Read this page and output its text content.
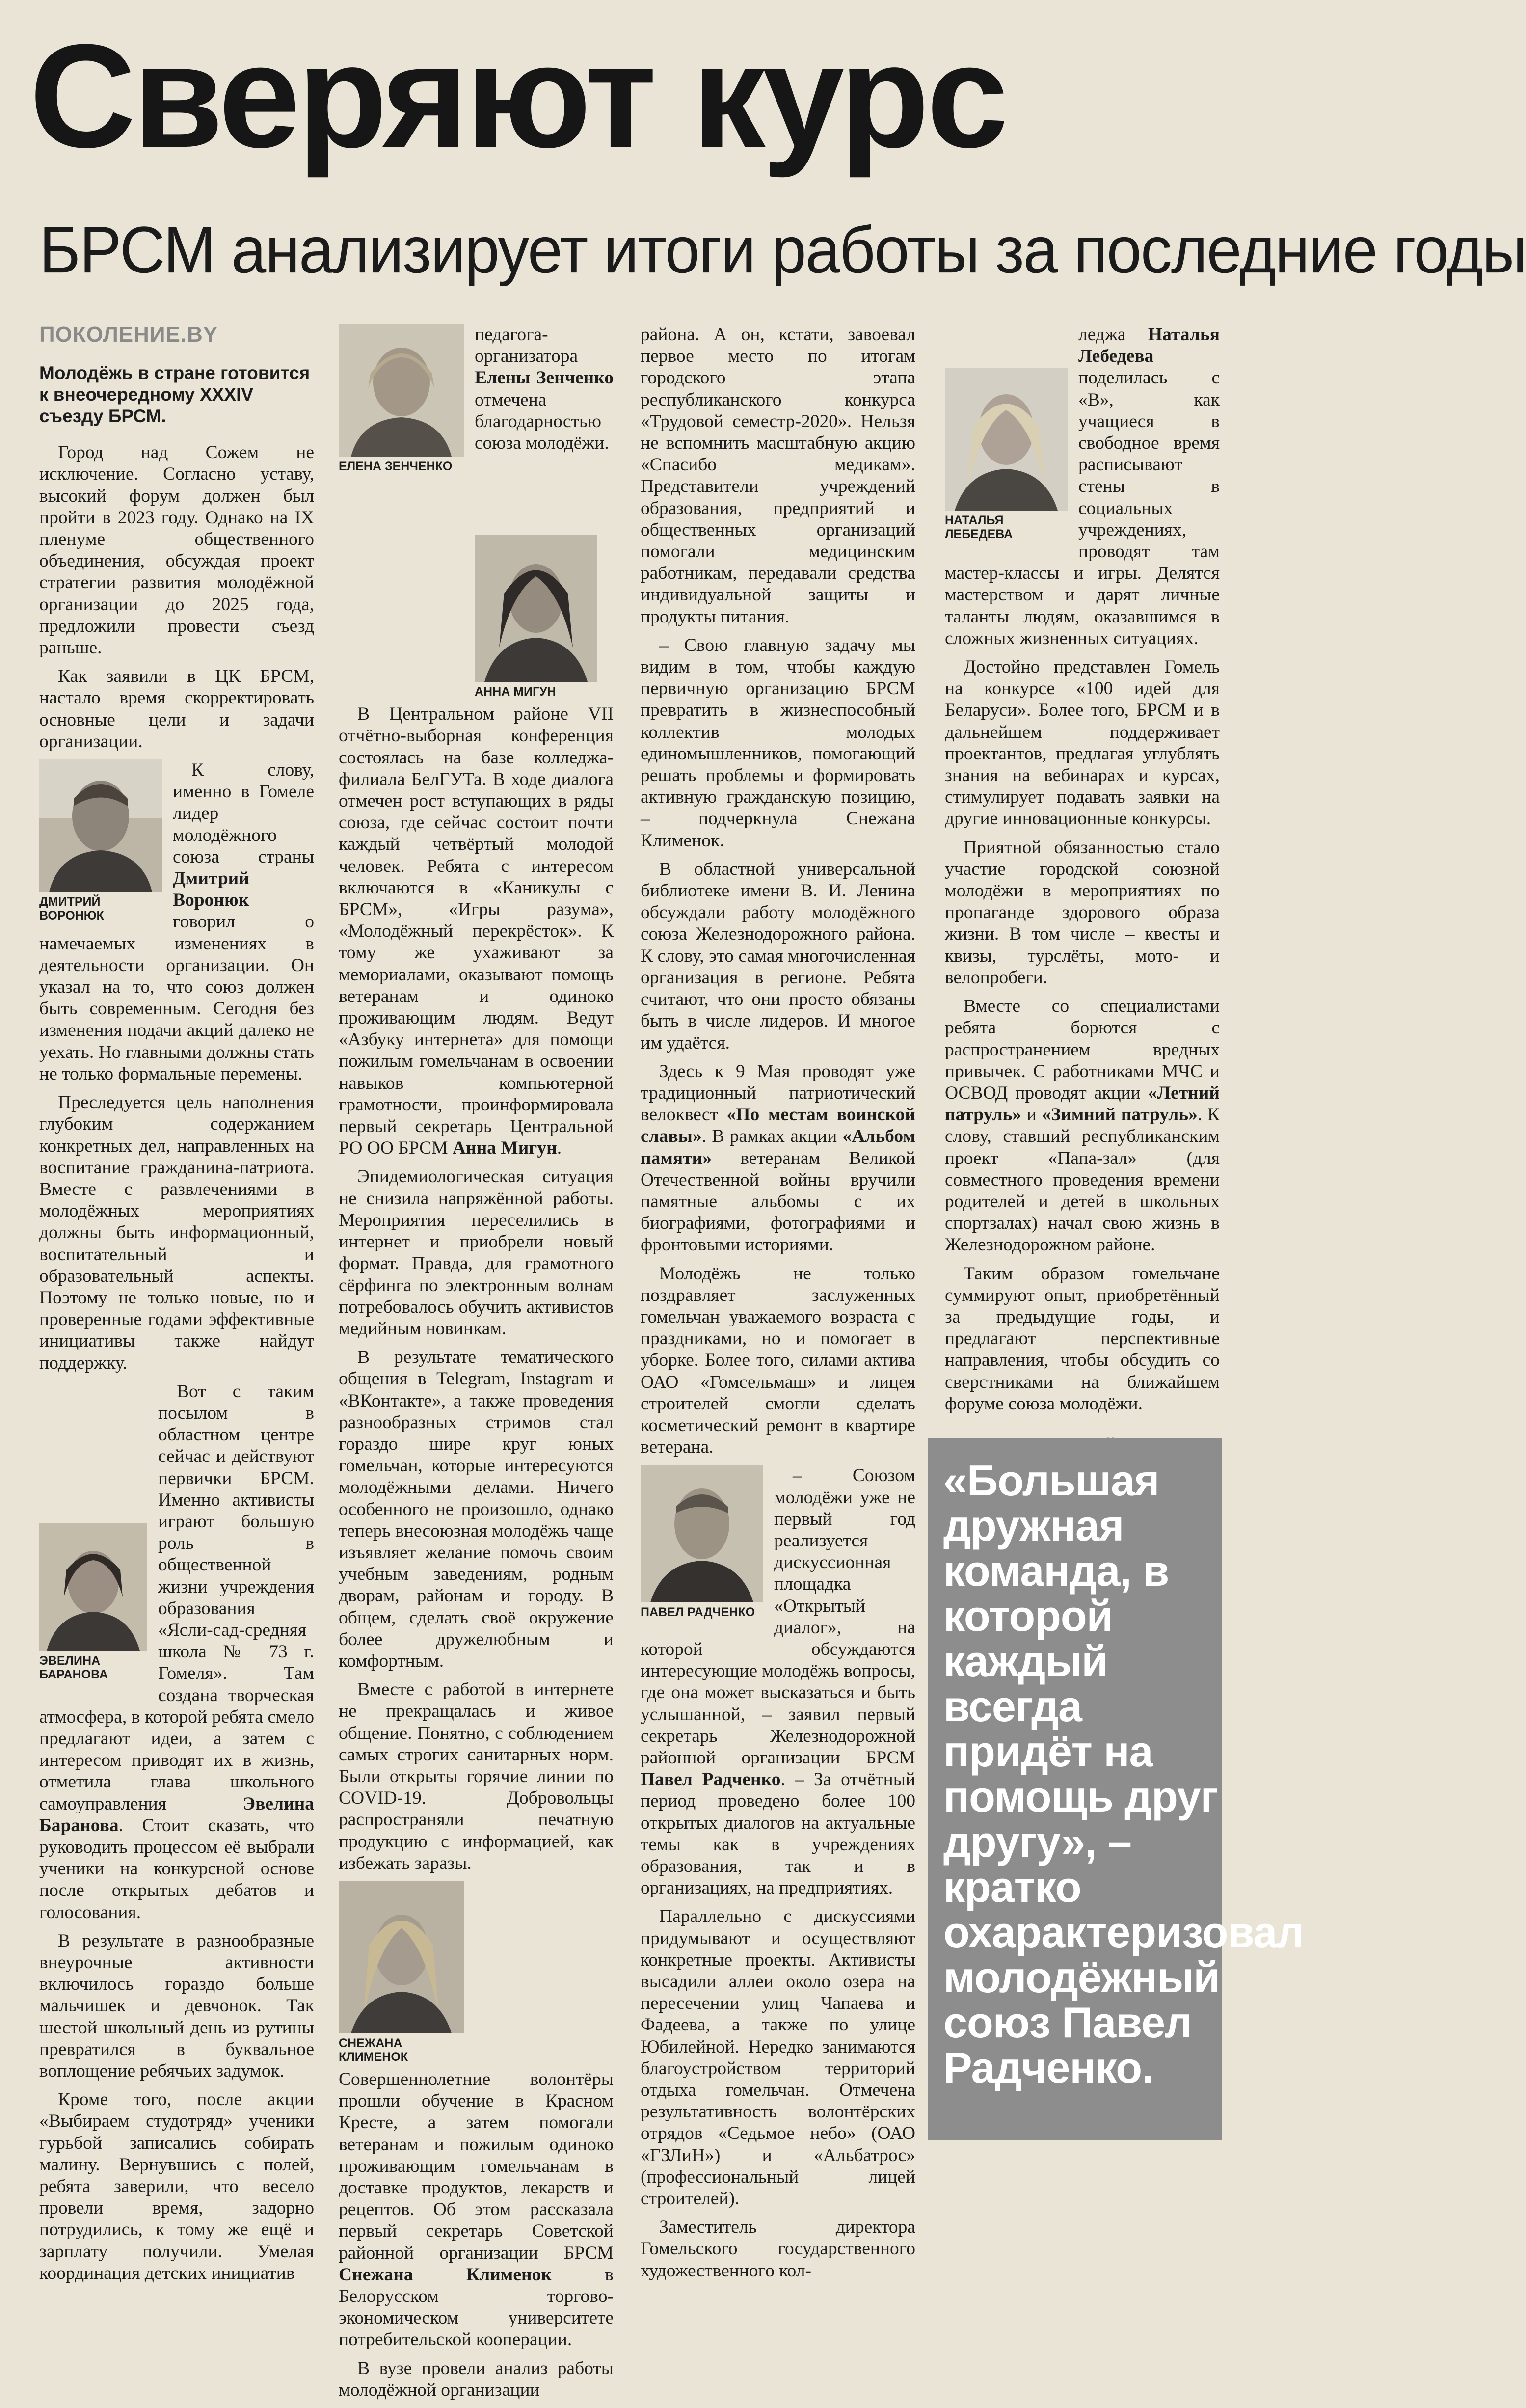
Сверяют курс
БРСМ анализирует итоги работы за последние годы
ПОКОЛЕНИЕ.BY
Молодёжь в стране готовится к внеочередному XXXIV съезду БРСМ.

Город над Сожем не исключение. Согласно уставу, высокий форум должен был пройти в 2023 году. Однако на IX пленуме общественного объединения, обсуждая проект стратегии развития молодёжной организации до 2025 года, предложили провести съезд раньше.

Как заявили в ЦК БРСМ, настало время скорректировать основные цели и задачи организации.

ДМИТРИЙ ВОРОНЮК

К слову, именно в Гомеле лидер молодёжного союза страны Дмитрий Воронюк говорил о намечаемых изменениях в деятельности организации. Он указал на то, что союз должен быть современным. Сегодня без изменения подачи акций далеко не уехать. Но главными должны стать не только формальные перемены.

Преследуется цель наполнения глубоким содержанием конкретных дел, направленных на воспитание гражданина-патриота. Вместе с развлечениями в молодёжных мероприятиях должны быть информационный, воспитательный и образовательный аспекты. Поэтому не только новые, но и проверенные годами эффективные инициативы также найдут поддержку.

ЭВЕЛИНА БАРАНОВА

Вот с таким посылом в областном центре сейчас и действуют первички БРСМ. Именно активисты играют большую роль в общественной жизни учреждения образования «Ясли-сад-средняя школа № 73 г. Гомеля». Там создана творческая атмосфера, в которой ребята смело предлагают идеи, а затем с интересом приводят их в жизнь, отметила глава школьного самоуправления Эвелина Баранова. Стоит сказать, что руководить процессом её выбрали ученики на конкурсной основе после открытых дебатов и голосования.

В результате в разнообразные внеурочные активности включилось гораздо больше мальчишек и девчонок. Так шестой школьный день из рутины превратился в буквальное воплощение ребячьих задумок.

Кроме того, после акции «Выбираем студотряд» ученики гурьбой записались собирать малину. Вернувшись с полей, ребята заверили, что весело провели время, задорно потрудились, к тому же ещё и зарплату получили. Умелая координация детских инициатив

ЕЛЕНА ЗЕНЧЕНКО

педагога-организатора Елены Зенченко отмечена благодарностью союза молодёжи.

АННА МИГУН

В Центральном районе VII отчётно-выборная конференция состоялась на базе колледжа-филиала БелГУТа. В ходе диалога отмечен рост вступающих в ряды союза, где сейчас состоит почти каждый четвёртый молодой человек. Ребята с интересом включаются в «Каникулы с БРСМ», «Игры разума», «Молодёжный перекрёсток». К тому же ухаживают за мемориалами, оказывают помощь ветеранам и одиноко проживающим людям. Ведут «Азбуку интернета» для помощи пожилым гомельчанам в освоении навыков компьютерной грамотности, проинформировала первый секретарь Центральной РО ОО БРСМ Анна Мигун.

Эпидемиологическая ситуация не снизила напряжённой работы. Мероприятия переселились в интернет и приобрели новый формат. Правда, для грамотного сёрфинга по электронным волнам потребовалось обучить активистов медийным новинкам.

В результате тематического общения в Telegram, Instagram и «ВКонтакте», а также проведения разнообразных стримов стал гораздо шире круг юных гомельчан, которые интересуются молодёжными делами. Ничего особенного не произошло, однако теперь внесоюзная молодёжь чаще изъявляет желание помочь своим учебным заведениям, родным дворам, районам и городу. В общем, сделать своё окружение более дружелюбным и комфортным.

Вместе с работой в интернете не прекращалась и живое общение. Понятно, с соблюдением самых строгих санитарных норм. Были открыты горячие линии по COVID-19. Добровольцы распространяли печатную продукцию с информацией, как избежать заразы.

СНЕЖАНА КЛИМЕНОК

Совершеннолетние волонтёры прошли обучение в Красном Кресте, а затем помогали ветеранам и пожилым одиноко проживающим гомельчанам в доставке продуктов, лекарств и рецептов. Об этом рассказала первый секретарь Советской районной организации БРСМ Снежана Клименок в Белорусском торгово-экономическом университете потребительской кооперации.

В вузе провели анализ работы молодёжной организации

района. А он, кстати, завоевал первое место по итогам городского этапа республиканского конкурса «Трудовой семестр-2020». Нельзя не вспомнить масштабную акцию «Спасибо медикам». Представители учреждений образования, предприятий и общественных организаций помогали медицинским работникам, передавали средства индивидуальной защиты и продукты питания.

– Свою главную задачу мы видим в том, чтобы каждую первичную организацию БРСМ превратить в жизнеспособный коллектив молодых единомышленников, помогающий решать проблемы и формировать активную гражданскую позицию, – подчеркнула Снежана Клименок.

В областной универсальной библиотеке имени В. И. Ленина обсуждали работу молодёжного союза Железнодорожного района. К слову, это самая многочисленная организация в регионе. Ребята считают, что они просто обязаны быть в числе лидеров. И многое им удаётся.

Здесь к 9 Мая проводят уже традиционный патриотический велоквест «По местам воинской славы». В рамках акции «Альбом памяти» ветеранам Великой Отечественной войны вручили памятные альбомы с их биографиями, фотографиями и фронтовыми историями.

Молодёжь не только поздравляет заслуженных гомельчан уважаемого возраста с праздниками, но и помогает в уборке. Более того, силами актива ОАО «Гомсельмаш» и лицея строителей смогли сделать косметический ремонт в квартире ветерана.

ПАВЕЛ РАДЧЕНКО

– Союзом молодёжи уже не первый год реализуется дискуссионная площадка «Открытый диалог», на которой обсуждаются интересующие молодёжь вопросы, где она может высказаться и быть услышанной, – заявил первый секретарь Железнодорожной районной организации БРСМ Павел Радченко. – За отчётный период проведено более 100 открытых диалогов на актуальные темы как в учреждениях образования, так и в организациях, на предприятиях.

Параллельно с дискуссиями придумывают и осуществляют конкретные проекты. Активисты высадили аллеи около озера на пересечении улиц Чапаева и Фадеева, а также по улице Юбилейной. Нередко занимаются благоустройством территорий отдыха гомельчан. Отмечена результативность волонтёрских отрядов «Седьмое небо» (ОАО «ГЗЛиН») и «Альбатрос» (профессиональный лицей строителей).

Заместитель директора Гомельского государственного художественного кол-

НАТАЛЬЯ ЛЕБЕДЕВА

леджа Наталья Лебедева поделилась с «В», как учащиеся в свободное время расписывают стены в социальных учреждениях, проводят там мастер-классы и игры. Делятся мастерством и дарят личные таланты людям, оказавшимся в сложных жизненных ситуациях.

Достойно представлен Гомель на конкурсе «100 идей для Беларуси». Более того, БРСМ и в дальнейшем поддерживает проектантов, предлагая углублять знания на вебинарах и курсах, стимулирует подавать заявки на другие инновационные конкурсы.

Приятной обязанностью стало участие городской союзной молодёжи в мероприятиях по пропаганде здорового образа жизни. В том числе – квесты и квизы, турслёты, мото- и велопробеги.

Вместе со специалистами ребята борются с распространением вредных привычек. С работниками МЧС и ОСВОД проводят акции «Летний патруль» и «Зимний патруль». К слову, ставший республиканским проект «Папа-зал» (для совместного проведения времени родителей и детей в школьных спортзалах) начал свою жизнь в Железнодорожном районе.

Таким образом гомельчане суммируют опыт, приобретённый за предыдущие годы, и предлагают перспективные направления, чтобы обсудить со сверстниками на ближайшем форуме союза молодёжи.

«Большая дружная команда, в которой каждый всегда придёт на помощь друг другу», – кратко охарактеризовал молодёжный союз Павел Радченко.
